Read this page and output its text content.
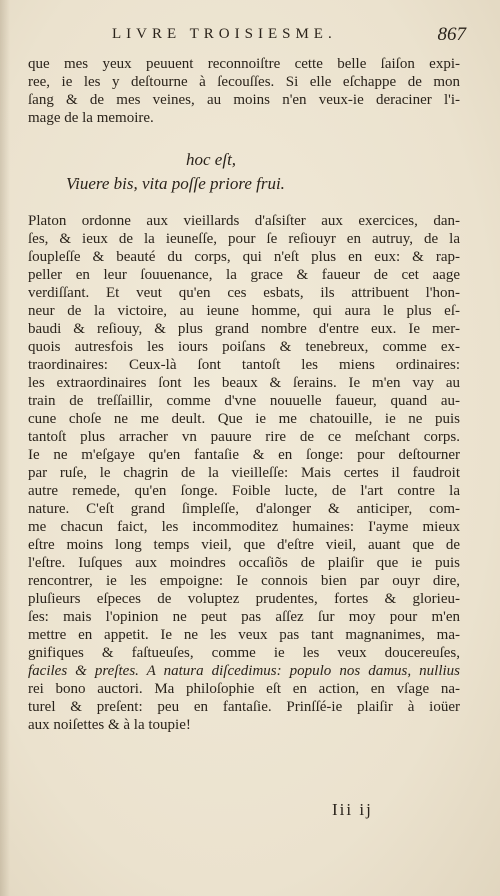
LIVRE TROISIESME.	867
que mes yeux peuuent reconnoiſtre cette belle ſaiſon expi-
ree, ie les y deſtourne à ſecouſſes. Si elle eſchappe de mon
ſang & de mes veines, au moins n'en veux-ie deraciner l'i-
mage de la memoire.
hoc eſt,
Viuere bis, vita poſſe priore frui.
Platon ordonne aux vieillards d'aſsiſter aux exercices, dan-
ſes, & ieux de la ieuneſſe, pour ſe reſiouyr en autruy, de la
ſoupleſſe & beauté du corps, qui n'eſt plus en eux: & rap-
peller en leur ſouuenance, la grace & faueur de cet aage
verdiſſant. Et veut qu'en ces esbats, ils attribuent l'hon-
neur de la victoire, au ieune homme, qui aura le plus eſ-
baudi & reſiouy, & plus grand nombre d'entre eux. Ie mer-
quois autresfois les iours poiſans & tenebreux, comme ex-
traordinaires: Ceux-là ſont tantoſt les miens ordinaires:
les extraordinaires ſont les beaux & ſerains. Ie m'en vay au
train de treſſaillir, comme d'vne nouuelle faueur, quand au-
cune choſe ne me deult. Que ie me chatouille, ie ne puis
tantoſt plus arracher vn pauure rire de ce meſchant corps.
Ie ne m'eſgaye qu'en fantaſie & en ſonge: pour deſtourner
par ruſe, le chagrin de la vieilleſſe: Mais certes il faudroit
autre remede, qu'en ſonge. Foible lucte, de l'art contre la
nature. C'eſt grand ſimpleſſe, d'alonger & anticiper, com-
me chacun faict, les incommoditez humaines: I'ayme mieux
eſtre moins long temps vieil, que d'eſtre vieil, auant que de
l'eſtre. Iuſques aux moindres occaſiõs de plaiſir que ie puis
rencontrer, ie les empoigne: Ie connois bien par ouyr dire,
pluſieurs eſpeces de voluptez prudentes, fortes & glorieu-
ſes: mais l'opinion ne peut pas aſſez ſur moy pour m'en
mettre en appetit. Ie ne les veux pas tant magnanimes, ma-
gnifiques & faſtueuſes, comme ie les veux doucereuſes,
faciles & preſtes. A natura diſcedimus: populo nos damus, nullius
rei bono auctori. Ma philoſophie eſt en action, en vſage na-
turel & preſent: peu en fantaſie. Prinſſé-ie plaiſir à ioüer
aux noiſettes & à la toupie!
Iii ij
